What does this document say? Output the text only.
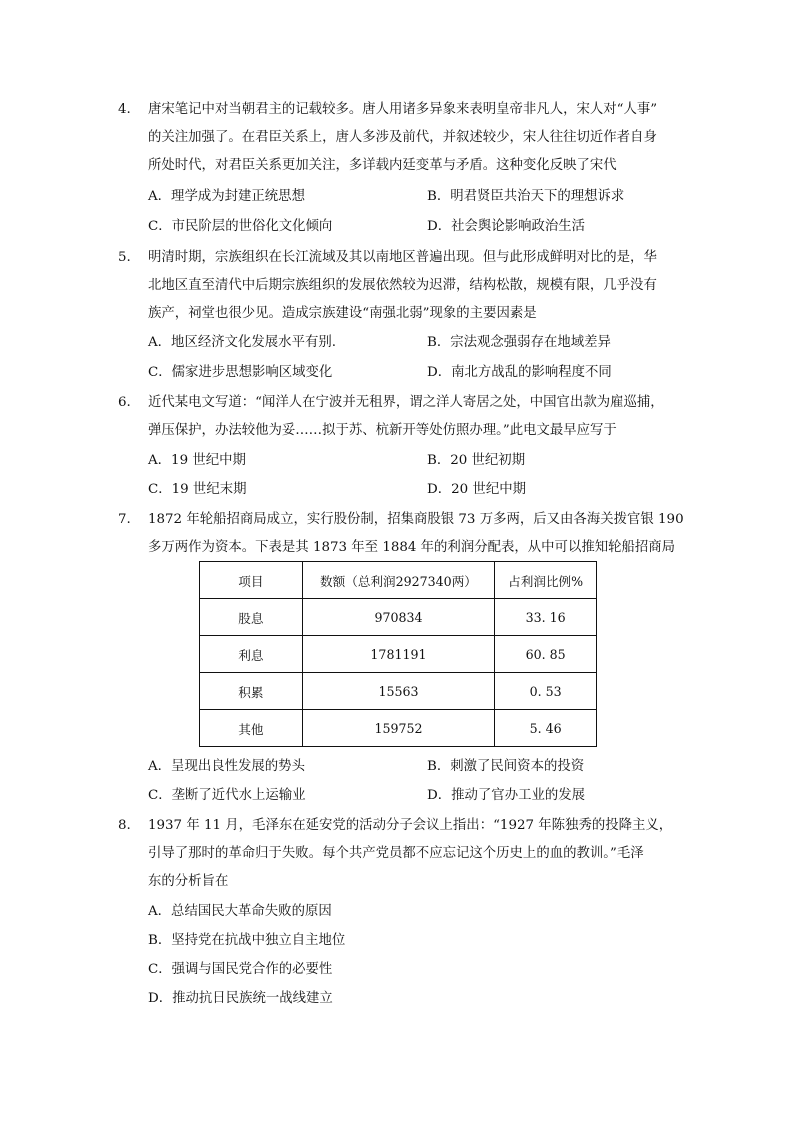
4. 唐宋笔记中对当朝君主的记载较多。唐人用诸多异象来表明皇帝非凡人，宋人对“人事”
的关注加强了。在君臣关系上，唐人多涉及前代，并叙述较少，宋人往往切近作者自身
所处时代，对君臣关系更加关注，多详载内廷变革与矛盾。这种变化反映了宋代
A．理学成为封建正统思想	B．明君贤臣共治天下的理想诉求
C．市民阶层的世俗化文化倾向	D．社会舆论影响政治生活
5. 明清时期，宗族组织在长江流域及其以南地区普遍出现。但与此形成鲜明对比的是，华
北地区直至清代中后期宗族组织的发展依然较为迟滞，结构松散，规模有限，几乎没有
族产，祠堂也很少见。造成宗族建设“南强北弱”现象的主要因素是
A．地区经济文化发展水平有别.	B．宗法观念强弱存在地域差异
C．儒家进步思想影响区域变化	D．南北方战乱的影响程度不同
6. 近代某电文写道：“闻洋人在宁波并无租界，谓之洋人寄居之处，中国官出款为雇巡捕，
弹压保护，办法较他为妥……拟于苏、杭新开等处仿照办理。”此电文最早应写于
A．19 世纪中期	B．20 世纪初期
C．19 世纪末期	D．20 世纪中期
7. 1872 年轮船招商局成立，实行股份制，招集商股银 73 万多两，后又由各海关拨官银 190
多万两作为资本。下表是其 1873 年至 1884 年的利润分配表，从中可以推知轮船招商局
项目	数额（总利润2927340两）	占利润比例%
股息	970834	33. 16
利息	1781191	60. 85
积累	15563	0. 53
其他	159752	5. 46
A．呈现出良性发展的势头	B．刺激了民间资本的投资
C．垄断了近代水上运输业	D．推动了官办工业的发展
8. 1937 年 11 月，毛泽东在延安党的活动分子会议上指出：“1927 年陈独秀的投降主义，
引导了那时的革命归于失败。每个共产党员都不应忘记这个历史上的血的教训。”毛泽
东的分析旨在
A．总结国民大革命失败的原因
B．坚持党在抗战中独立自主地位
C．强调与国民党合作的必要性
D．推动抗日民族统一战线建立
